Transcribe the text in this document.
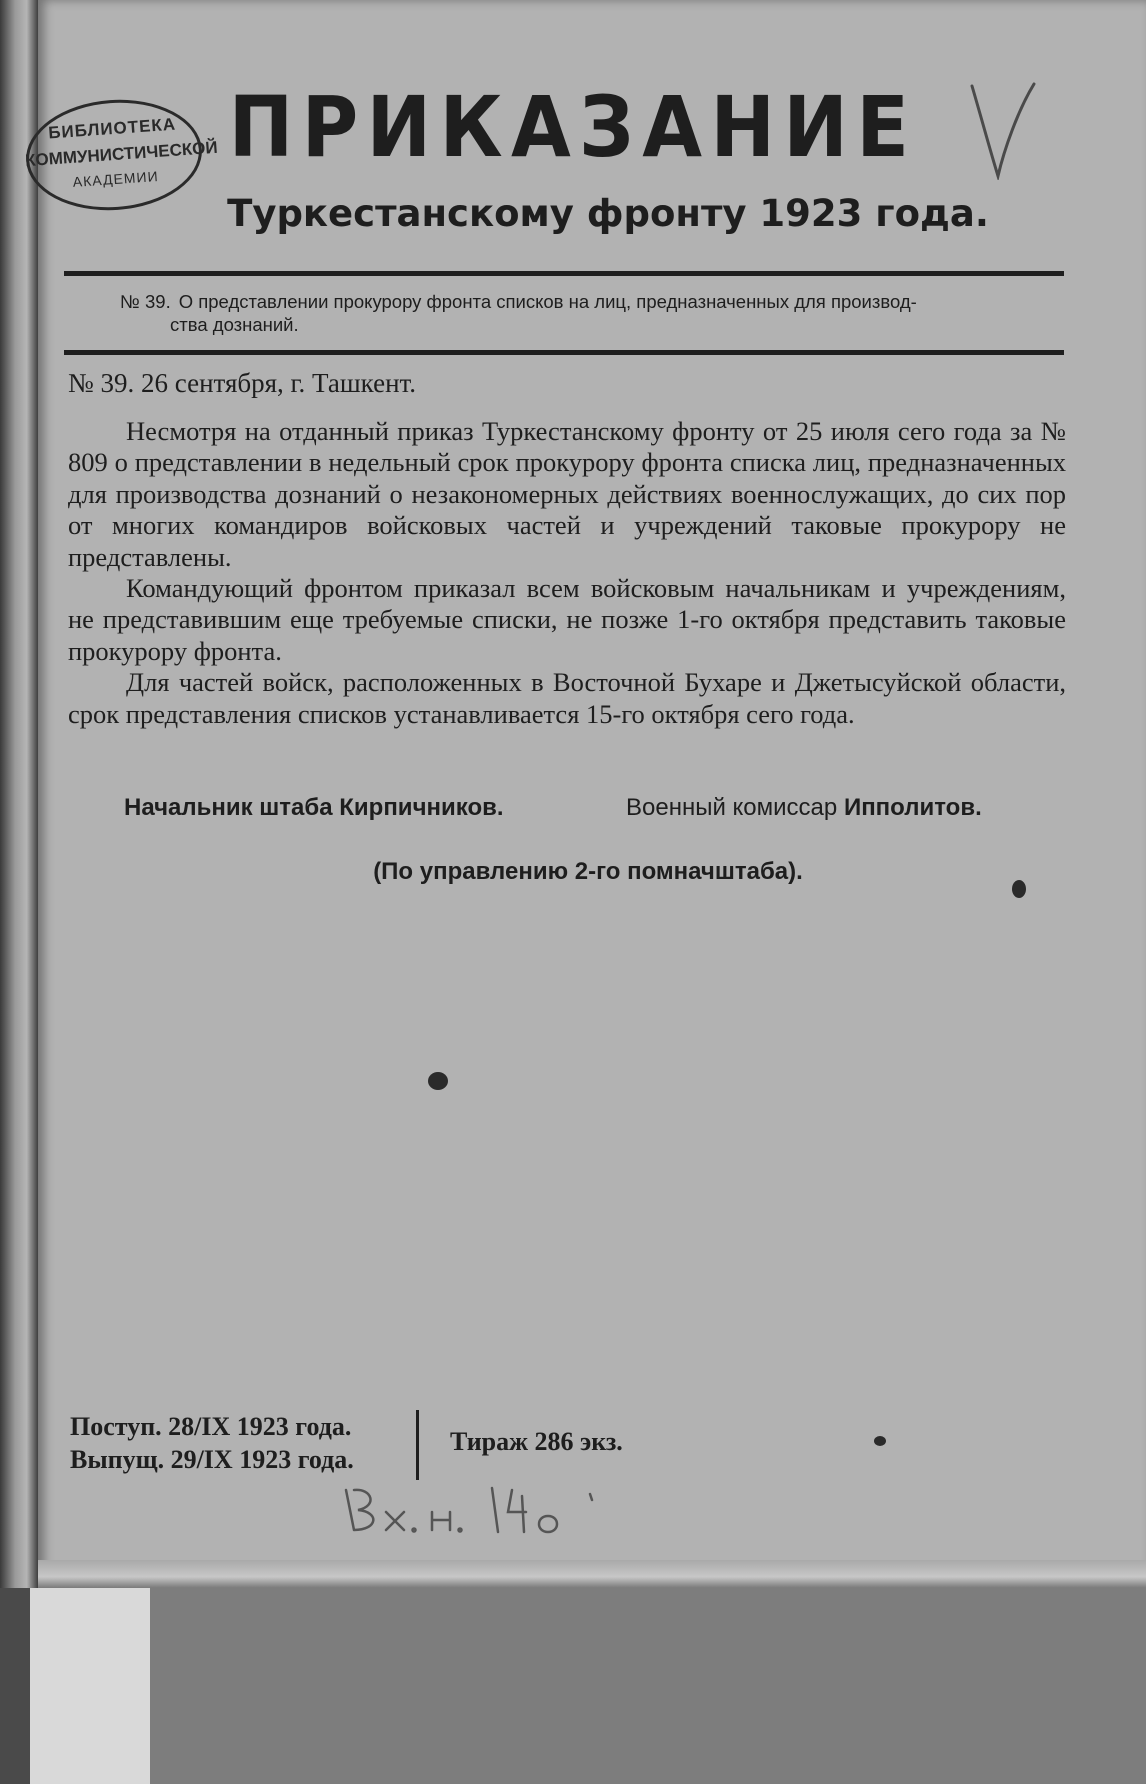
БИБЛИОТЕКА
КОММУНИСТИЧЕСКОЙ
АКАДЕМИИ
ПРИКАЗАНИЕ
Туркестанскому фронту 1923 года.
№ 39. О представлении прокурору фронта списков на лиц, предназначенных для производ-
ства дознаний.
№ 39. 26 сентября, г. Ташкент.

Несмотря на отданный приказ Туркестанскому фронту от 25 июля сего года за № 809 о представлении в недельный срок прокурору фронта списка лиц, предназначенных для производства дознаний о незакономерных действиях военнослужащих, до сих пор от многих командиров войсковых частей и учреждений таковые прокурору не представлены.

Командующий фронтом приказал всем войсковым начальникам и учреждениям, не представившим еще требуемые списки, не позже 1-го октября представить таковые прокурору фронта.

Для частей войск, расположенных в Восточной Бухаре и Джетысуйской области, срок представления списков устанавливается 15-го октября сего года.

Начальник штаба Кирпичников.	Военный комиссар Ипполитов.
(По управлению 2-го помначштаба).
Поступ. 28/IX 1923 года.
Выпущ. 29/IX 1923 года.
Тираж 286 экз.
